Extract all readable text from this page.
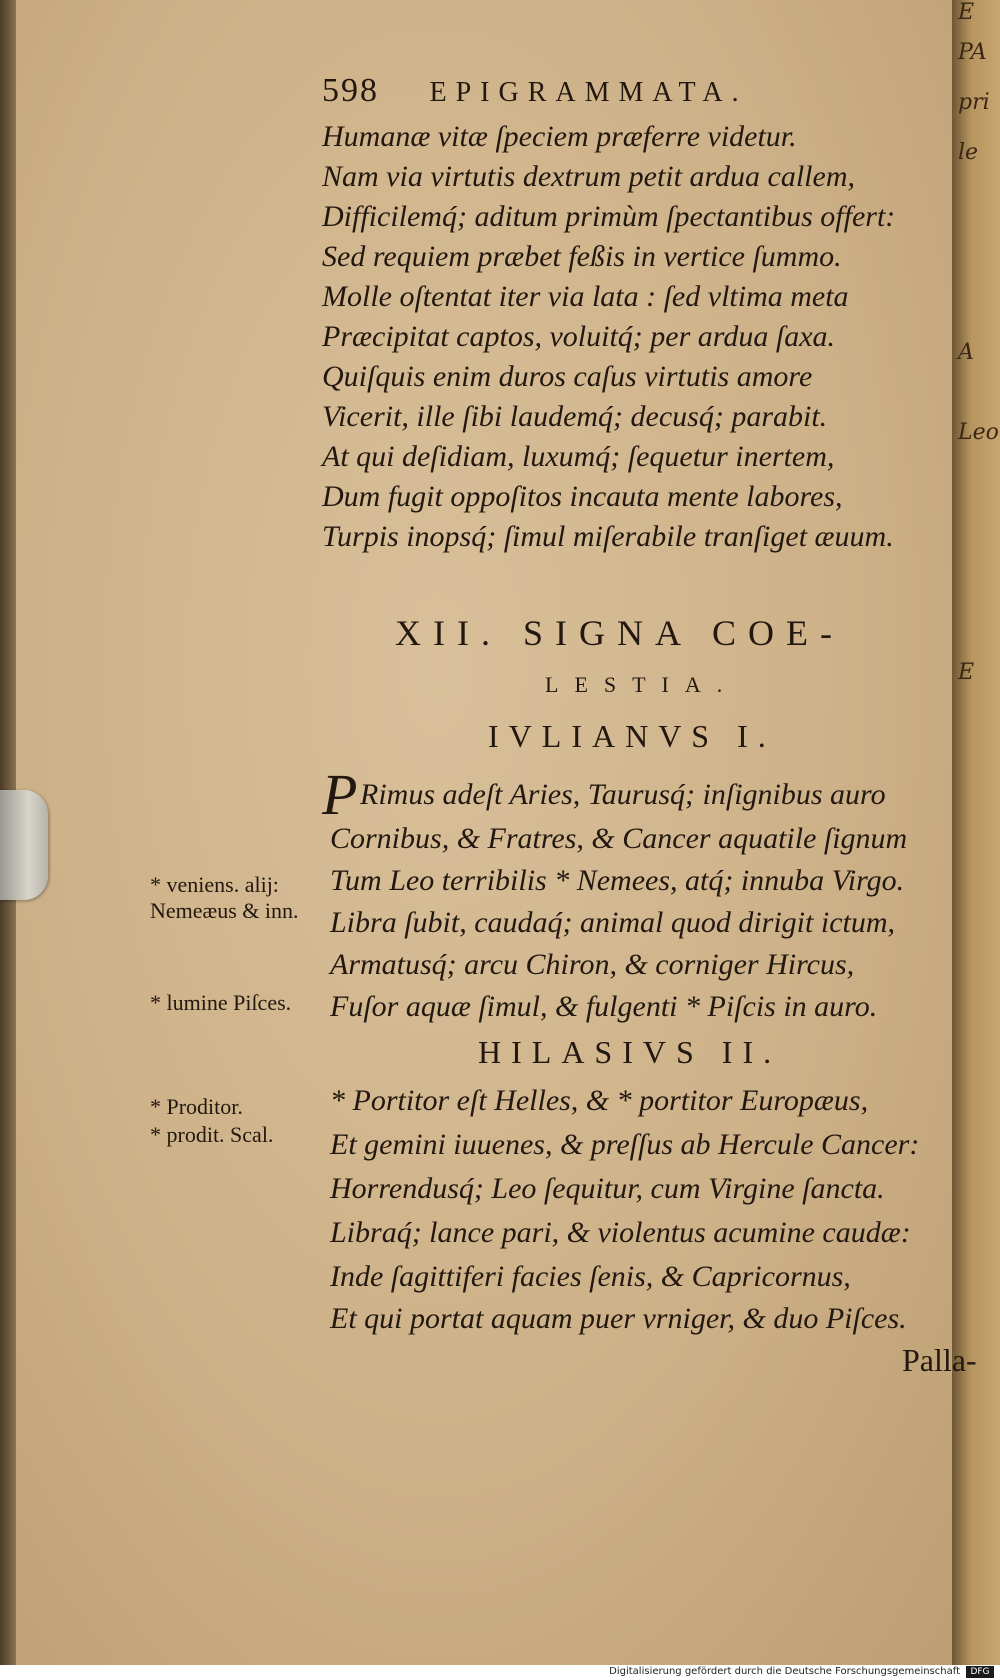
E
PA
pri
le
A
Leo
E
598 EPIGRAMMATA.
Humanæ vitæ ſpeciem præferre videtur.
Nam via virtutis dextrum petit ardua callem,
Difficilemq́; aditum primùm ſpectantibus offert:
Sed requiem præbet feßis in vertice ſummo.
Molle oſtentat iter via lata : ſed vltima meta
Præcipitat captos, voluitq́; per ardua ſaxa.
Quiſquis enim duros caſus virtutis amore
Vicerit, ille ſibi laudemq́; decusq́; parabit.
At qui deſidiam, luxumq́; ſequetur inertem,
Dum fugit oppoſitos incauta mente labores,
Turpis inopsq́; ſimul miſerabile tranſiget æuum.
XII. SIGNA COE-
LESTIA.
IVLIANVS I.
P Rimus adeſt Aries, Taurusq́; inſignibus auro
Cornibus, & Fratres, & Cancer aquatile ſignum
Tum Leo terribilis * Nemees, atq́; innuba Virgo.
Libra ſubit, caudaq́; animal quod dirigit ictum,
Armatusq́; arcu Chiron, & corniger Hircus,
Fuſor aquæ ſimul, & fulgenti * Piſcis in auro.
HILASIVS II.
* Portitor eſt Helles, & * portitor Europæus,
Et gemini iuuenes, & preſſus ab Hercule Cancer:
Horrendusq́; Leo ſequitur, cum Virgine ſancta.
Libraq́; lance pari, & violentus acumine caudæ:
Inde ſagittiferi facies ſenis, & Capricornus,
Et qui portat aquam puer vrniger, & duo Piſces.
* veniens. alij: Nemeæus & inn.
* lumine Piſces.
* Proditor.
* prodit. Scal.
Palla-
Digitalisierung gefördert durch die Deutsche Forschungsgemeinschaft	DFG
